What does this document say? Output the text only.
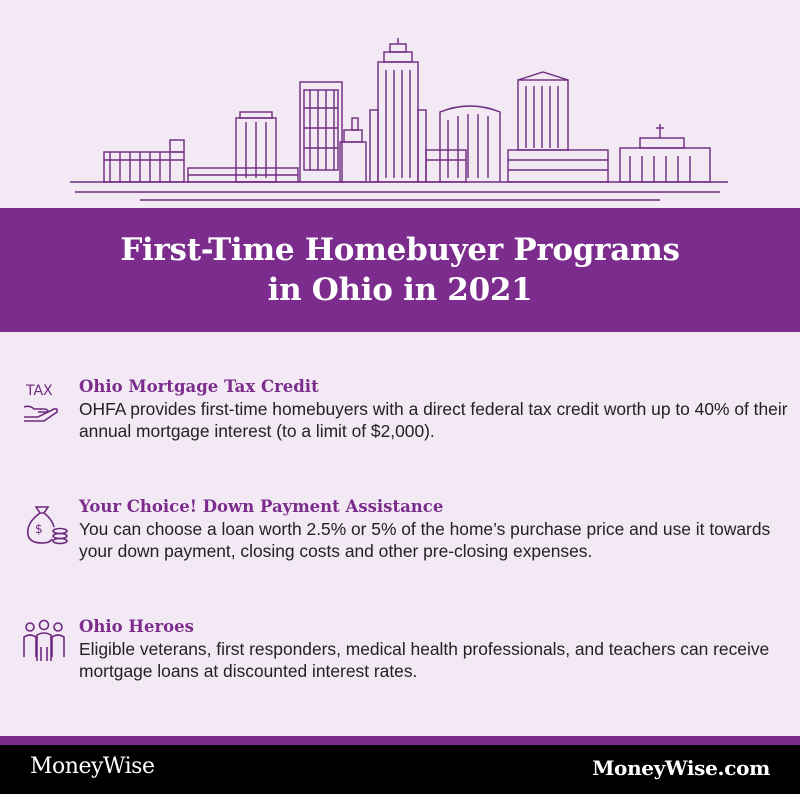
First-Time Homebuyer Programs
in Ohio in 2021
TAX Ohio Mortgage Tax Credit
OHFA provides first-time homebuyers with a direct federal tax credit worth up to 40% of their annual mortgage interest (to a limit of $2,000).
$
Your Choice! Down Payment Assistance
You can choose a loan worth 2.5% or 5% of the home’s purchase price and use it towards your down payment, closing costs and other pre-closing expenses.
Ohio Heroes
Eligible veterans, first responders, medical health professionals, and teachers can receive mortgage loans at discounted interest rates.
MoneyWise	MoneyWise.com
